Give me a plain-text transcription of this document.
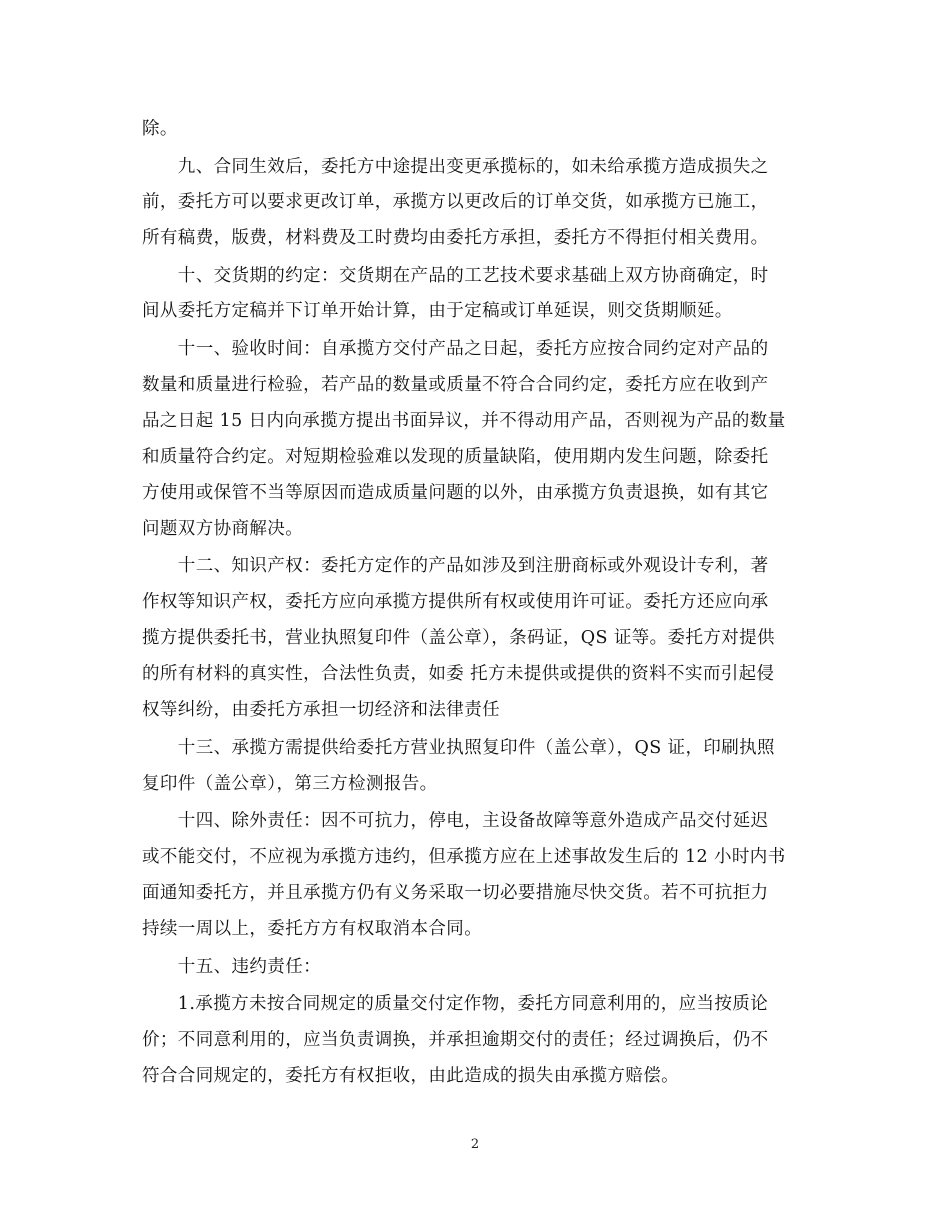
除。
　　九、合同生效后，委托方中途提出变更承揽标的，如未给承揽方造成损失之
前，委托方可以要求更改订单，承揽方以更改后的订单交货，如承揽方已施工，
所有稿费，版费，材料费及工时费均由委托方承担，委托方不得拒付相关费用。
　　十、交货期的约定：交货期在产品的工艺技术要求基础上双方协商确定，时
间从委托方定稿并下订单开始计算，由于定稿或订单延误，则交货期顺延。
　　十一、验收时间：自承揽方交付产品之日起，委托方应按合同约定对产品的
数量和质量进行检验，若产品的数量或质量不符合合同约定，委托方应在收到产
品之日起 15 日内向承揽方提出书面异议，并不得动用产品，否则视为产品的数量
和质量符合约定。对短期检验难以发现的质量缺陷，使用期内发生问题，除委托
方使用或保管不当等原因而造成质量问题的以外，由承揽方负责退换，如有其它
问题双方协商解决。
　　十二、知识产权：委托方定作的产品如涉及到注册商标或外观设计专利，著
作权等知识产权，委托方应向承揽方提供所有权或使用许可证。委托方还应向承
揽方提供委托书，营业执照复印件（盖公章），条码证，QS 证等。委托方对提供
的所有材料的真实性，合法性负责，如委 托方未提供或提供的资料不实而引起侵
权等纠纷，由委托方承担一切经济和法律责任
　　十三、承揽方需提供给委托方营业执照复印件（盖公章），QS 证，印刷执照
复印件（盖公章），第三方检测报告。
　　十四、除外责任：因不可抗力，停电，主设备故障等意外造成产品交付延迟
或不能交付，不应视为承揽方违约，但承揽方应在上述事故发生后的 12 小时内书
面通知委托方，并且承揽方仍有义务采取一切必要措施尽快交货。若不可抗拒力
持续一周以上，委托方方有权取消本合同。
　　十五、违约责任：
　　1.承揽方未按合同规定的质量交付定作物，委托方同意利用的，应当按质论
价；不同意利用的，应当负责调换，并承担逾期交付的责任；经过调换后，仍不
符合合同规定的，委托方有权拒收，由此造成的损失由承揽方赔偿。
2
